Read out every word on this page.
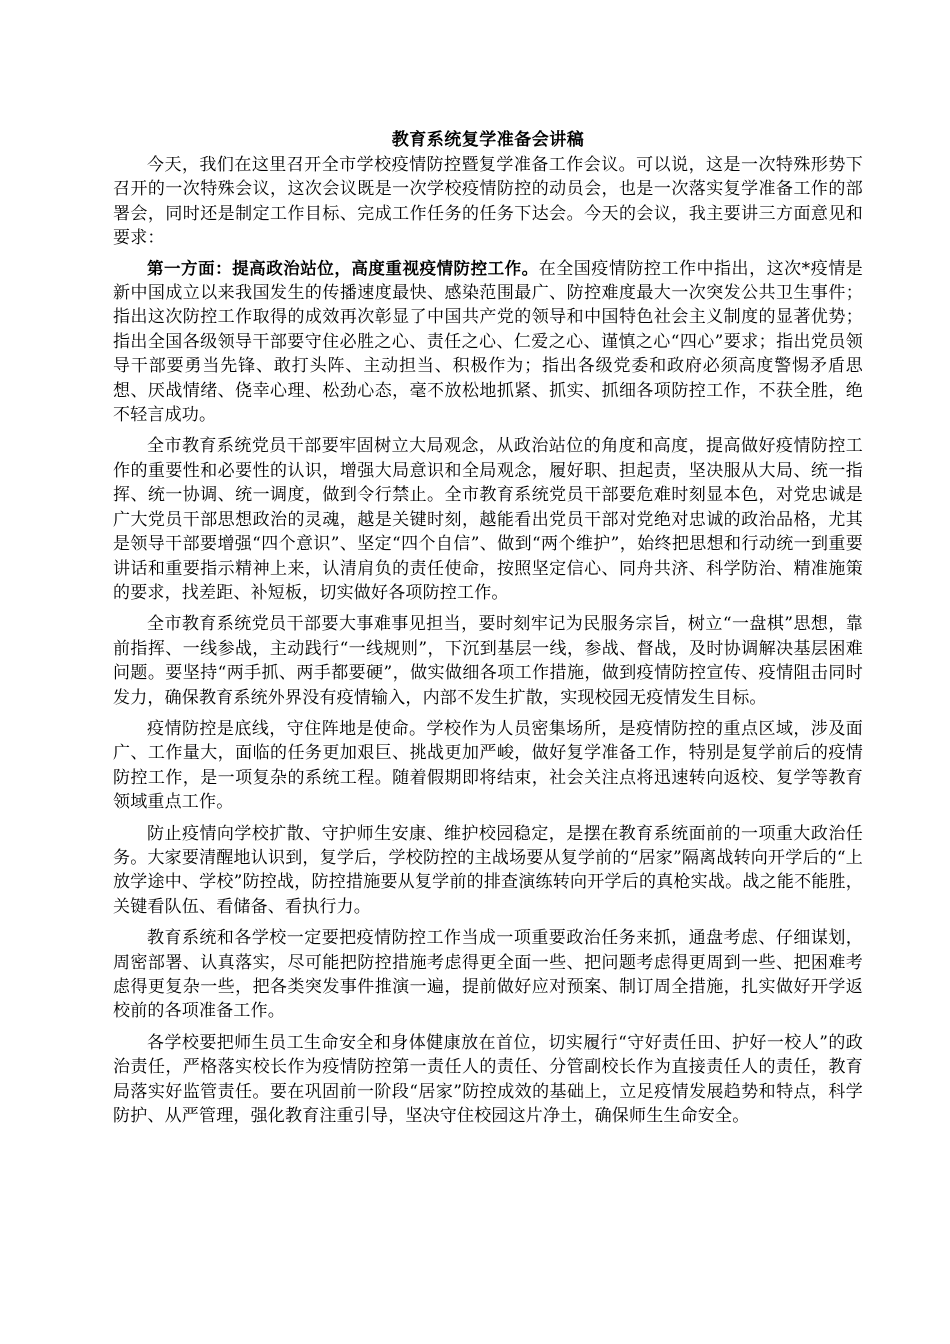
教育系统复学准备会讲稿

今天，我们在这里召开全市学校疫情防控暨复学准备工作会议。可以说，这是一次特殊形势下召开的一次特殊会议，这次会议既是一次学校疫情防控的动员会，也是一次落实复学准备工作的部署会，同时还是制定工作目标、完成工作任务的任务下达会。今天的会议，我主要讲三方面意见和要求：

第一方面：提高政治站位，高度重视疫情防控工作。在全国疫情防控工作中指出，这次*疫情是新中国成立以来我国发生的传播速度最快、感染范围最广、防控难度最大一次突发公共卫生事件；指出这次防控工作取得的成效再次彰显了中国共产党的领导和中国特色社会主义制度的显著优势；指出全国各级领导干部要守住必胜之心、责任之心、仁爱之心、谨慎之心“四心”要求；指出党员领导干部要勇当先锋、敢打头阵、主动担当、积极作为；指出各级党委和政府必须高度警惕矛盾思想、厌战情绪、侥幸心理、松劲心态，毫不放松地抓紧、抓实、抓细各项防控工作，不获全胜，绝不轻言成功。

全市教育系统党员干部要牢固树立大局观念，从政治站位的角度和高度，提高做好疫情防控工作的重要性和必要性的认识，增强大局意识和全局观念，履好职、担起责，坚决服从大局、统一指挥、统一协调、统一调度，做到令行禁止。全市教育系统党员干部要危难时刻显本色，对党忠诚是广大党员干部思想政治的灵魂，越是关键时刻，越能看出党员干部对党绝对忠诚的政治品格，尤其是领导干部要增强“四个意识”、坚定“四个自信”、做到“两个维护”，始终把思想和行动统一到重要讲话和重要指示精神上来，认清肩负的责任使命，按照坚定信心、同舟共济、科学防治、精准施策的要求，找差距、补短板，切实做好各项防控工作。

全市教育系统党员干部要大事难事见担当，要时刻牢记为民服务宗旨，树立“一盘棋”思想，靠前指挥、一线参战，主动践行“一线规则”，下沉到基层一线，参战、督战，及时协调解决基层困难问题。要坚持“两手抓、两手都要硬”，做实做细各项工作措施，做到疫情防控宣传、疫情阻击同时发力，确保教育系统外界没有疫情输入，内部不发生扩散，实现校园无疫情发生目标。

疫情防控是底线，守住阵地是使命。学校作为人员密集场所，是疫情防控的重点区域，涉及面广、工作量大，面临的任务更加艰巨、挑战更加严峻，做好复学准备工作，特别是复学前后的疫情防控工作，是一项复杂的系统工程。随着假期即将结束，社会关注点将迅速转向返校、复学等教育领域重点工作。

防止疫情向学校扩散、守护师生安康、维护校园稳定，是摆在教育系统面前的一项重大政治任务。大家要清醒地认识到，复学后，学校防控的主战场要从复学前的“居家”隔离战转向开学后的“上放学途中、学校”防控战，防控措施要从复学前的排查演练转向开学后的真枪实战。战之能不能胜，关键看队伍、看储备、看执行力。

教育系统和各学校一定要把疫情防控工作当成一项重要政治任务来抓，通盘考虑、仔细谋划，周密部署、认真落实，尽可能把防控措施考虑得更全面一些、把问题考虑得更周到一些、把困难考虑得更复杂一些，把各类突发事件推演一遍，提前做好应对预案、制订周全措施，扎实做好开学返校前的各项准备工作。

各学校要把师生员工生命安全和身体健康放在首位，切实履行“守好责任田、护好一校人”的政治责任，严格落实校长作为疫情防控第一责任人的责任、分管副校长作为直接责任人的责任，教育局落实好监管责任。要在巩固前一阶段“居家”防控成效的基础上，立足疫情发展趋势和特点，科学防护、从严管理，强化教育注重引导，坚决守住校园这片净土，确保师生生命安全。
